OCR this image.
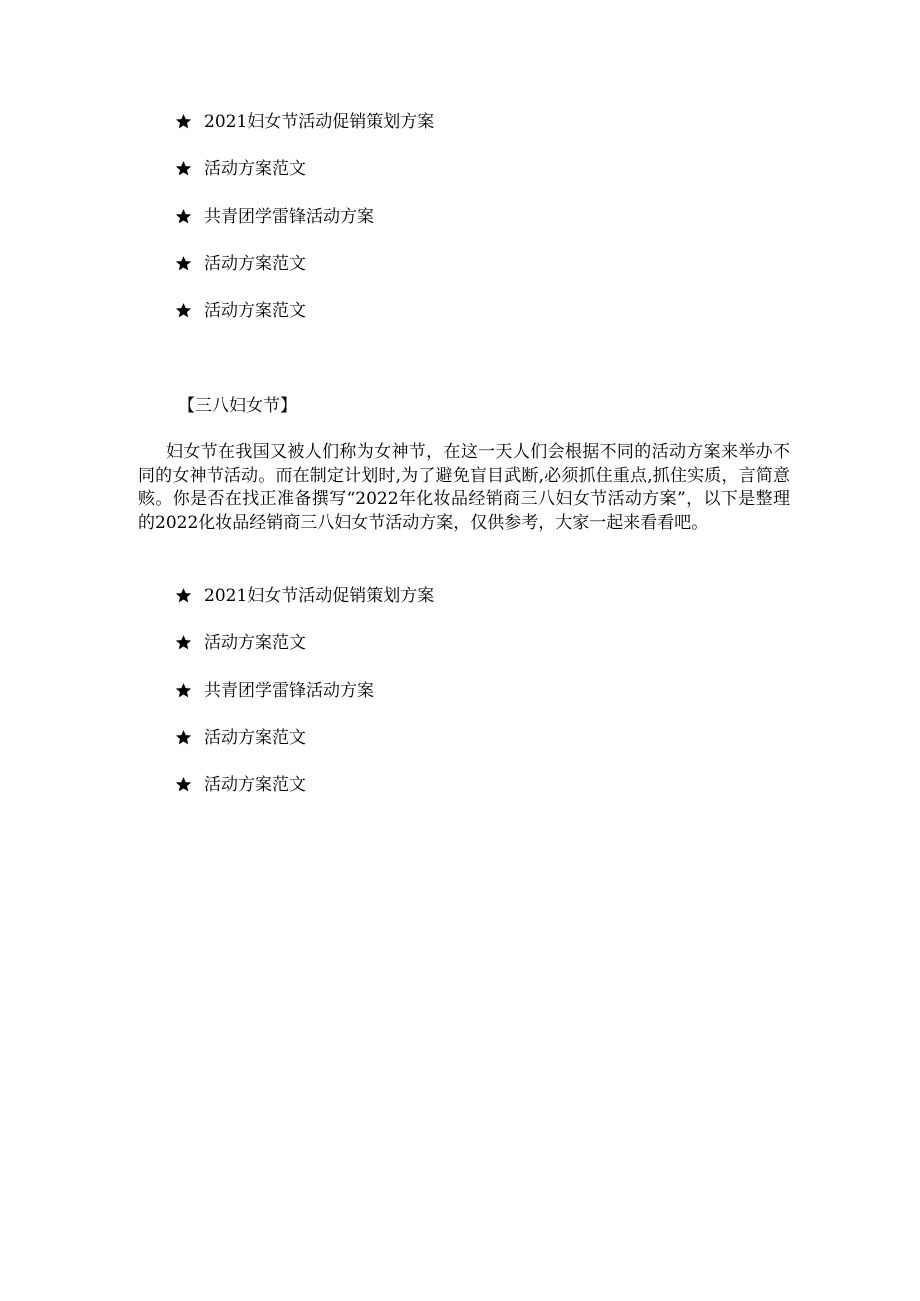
2021妇女节活动促销策划方案
活动方案范文
共青团学雷锋活动方案
活动方案范文
活动方案范文
【三八妇女节】

妇女节在我国又被人们称为女神节，在这一天人们会根据不同的活动方案来举办不同的女神节活动。而在制定计划时,为了避免盲目武断,必须抓住重点,抓住实质，言简意赅。你是否在找正准备撰写“2022年化妆品经销商三八妇女节活动方案”，以下是整理的2022化妆品经销商三八妇女节活动方案，仅供参考，大家一起来看看吧。

2021妇女节活动促销策划方案
活动方案范文
共青团学雷锋活动方案
活动方案范文
活动方案范文
